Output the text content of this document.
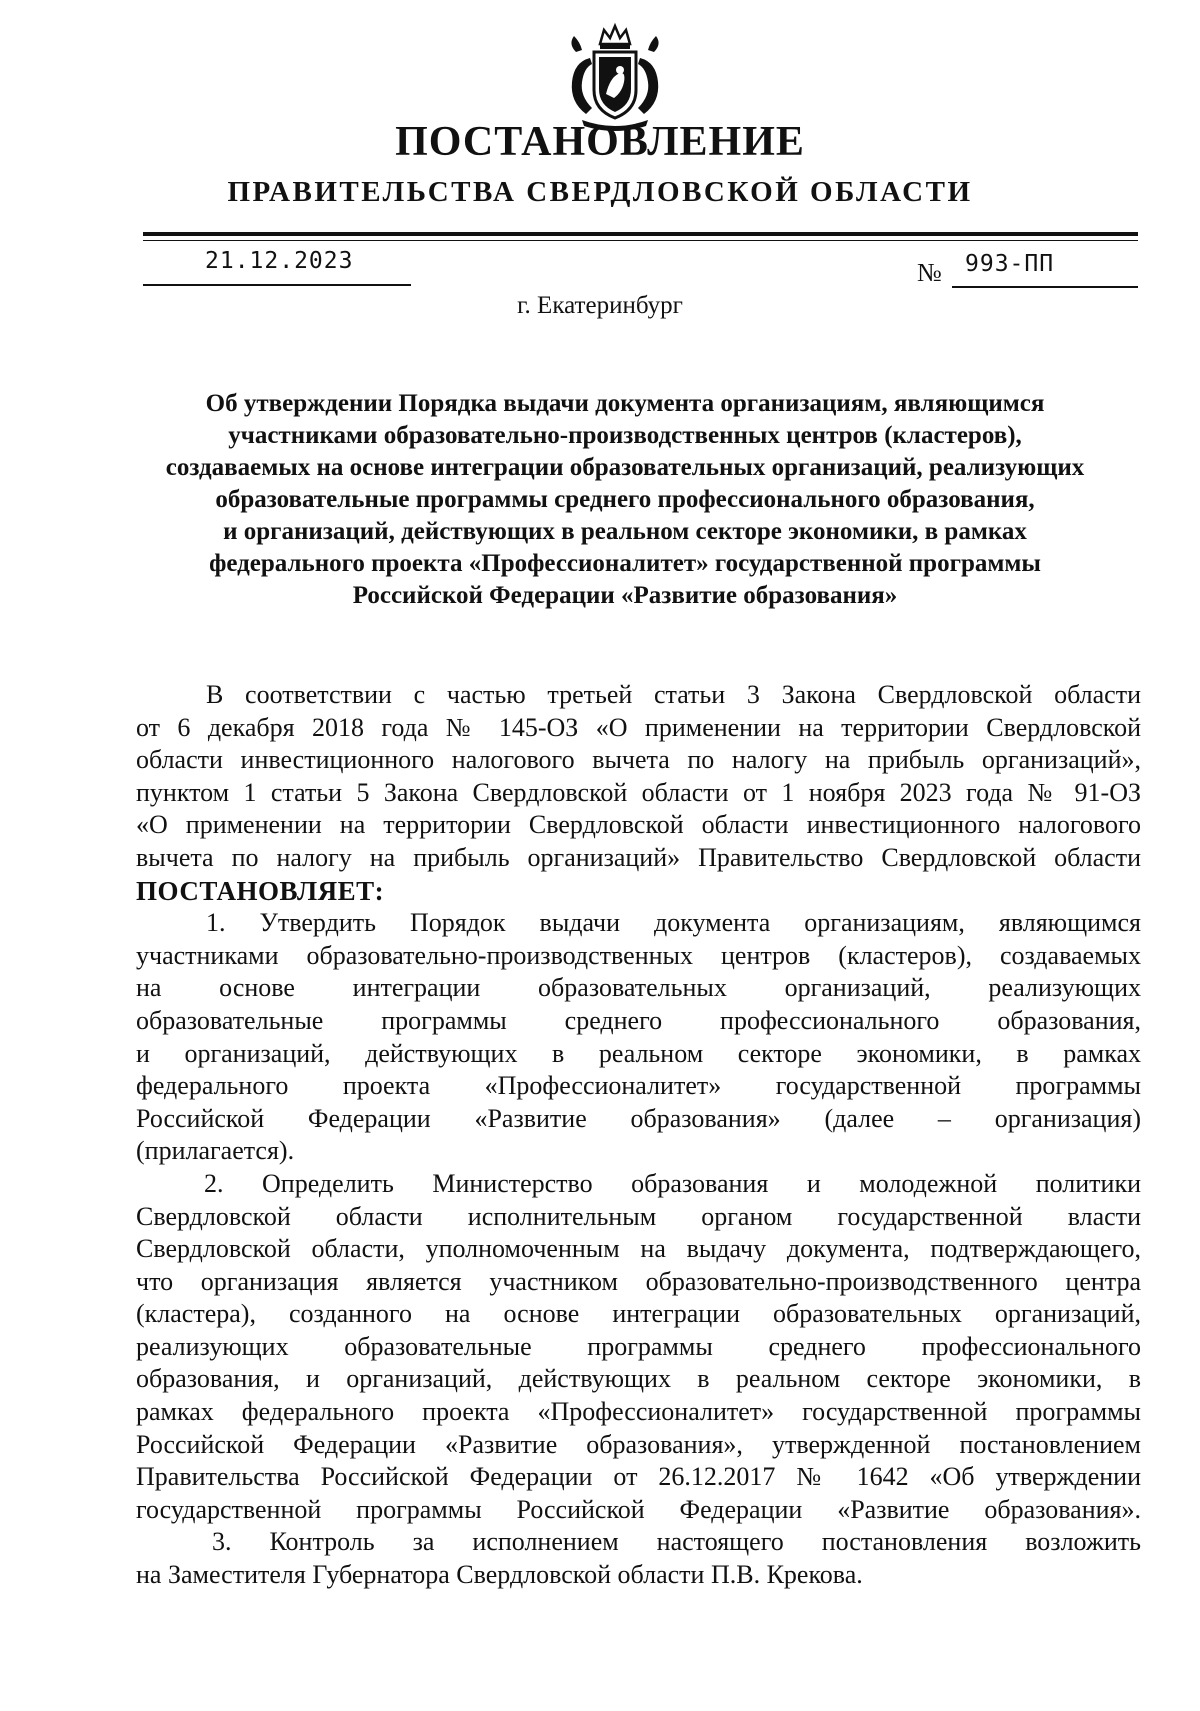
ПОСТАНОВЛЕНИЕ
ПРАВИТЕЛЬСТВА СВЕРДЛОВСКОЙ ОБЛАСТИ
21.12.2023	№ 993-ПП
г. Екатеринбург
Об утверждении Порядка выдачи документа организациям, являющимся
участниками образовательно-производственных центров (кластеров),
создаваемых на основе интеграции образовательных организаций, реализующих
образовательные программы среднего профессионального образования,
и организаций, действующих в реальном секторе экономики, в рамках
федерального проекта «Профессионалитет» государственной программы
Российской Федерации «Развитие образования»

В соответствии с частью третьей статьи 3 Закона Свердловской области
от 6 декабря 2018 года № 145-ОЗ «О применении на территории Свердловской
области инвестиционного налогового вычета по налогу на прибыль организаций»,
пунктом 1 статьи 5 Закона Свердловской области от 1 ноября 2023 года № 91-ОЗ
«О применении на территории Свердловской области инвестиционного налогового
вычета по налогу на прибыль организаций» Правительство Свердловской области
ПОСТАНОВЛЯЕТ:

1. Утвердить Порядок выдачи документа организациям, являющимся
участниками образовательно-производственных центров (кластеров), создаваемых
на основе интеграции образовательных организаций, реализующих
образовательные программы среднего профессионального образования,
и организаций, действующих в реальном секторе экономики, в рамках
федерального проекта «Профессионалитет» государственной программы
Российской Федерации «Развитие образования» (далее – организация)
(прилагается).

2. Определить Министерство образования и молодежной политики
Свердловской области исполнительным органом государственной власти
Свердловской области, уполномоченным на выдачу документа, подтверждающего,
что организация является участником образовательно-производственного центра
(кластера), созданного на основе интеграции образовательных организаций,
реализующих образовательные программы среднего профессионального
образования, и организаций, действующих в реальном секторе экономики, в
рамках федерального проекта «Профессионалитет» государственной программы
Российской Федерации «Развитие образования», утвержденной постановлением
Правительства Российской Федерации от 26.12.2017 № 1642 «Об утверждении
государственной программы Российской Федерации «Развитие образования».

3. Контроль за исполнением настоящего постановления возложить
на Заместителя Губернатора Свердловской области П.В. Крекова.
